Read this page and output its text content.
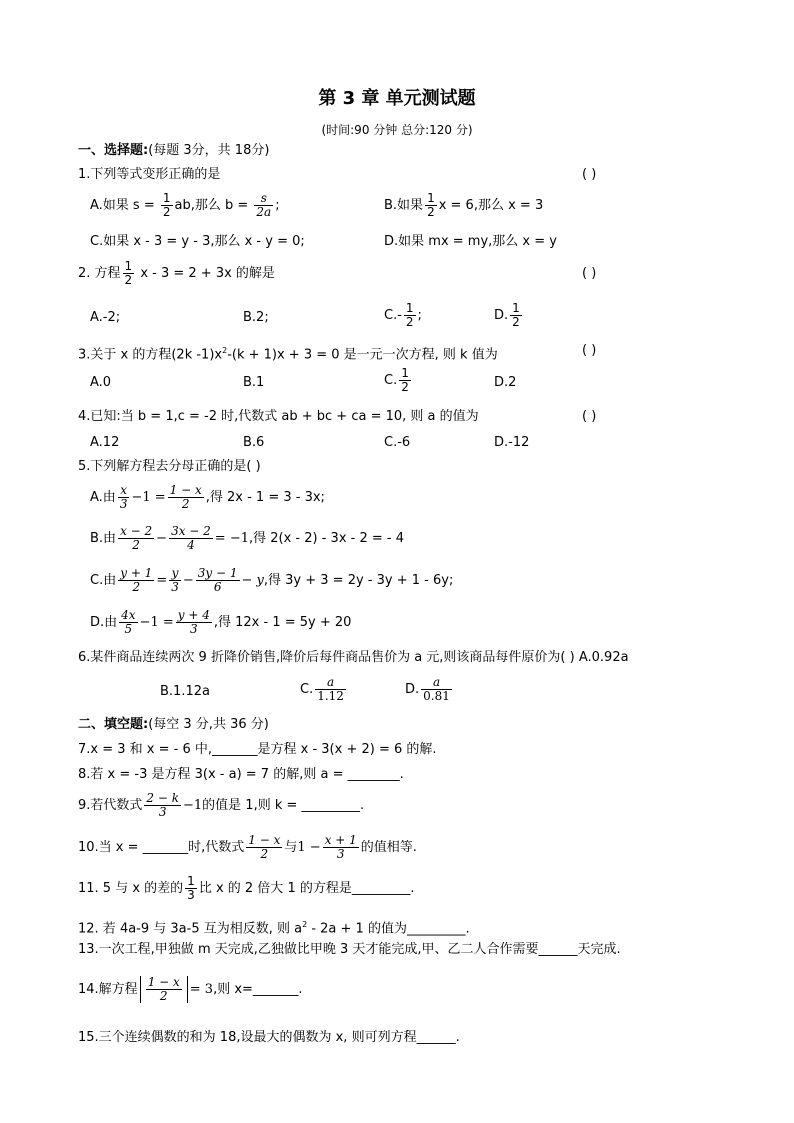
第 3 章 单元测试题
(时间:90 分钟 总分:120 分)
一、选择题:(每题 3分，共 18分)
1.下列等式变形正确的是	( )
A.如果 $s = \frac{1}{2}$ ab,那么 $b = \frac{s}{2a}$ ;	B.如果 $\frac{1}{2}$ x = 6,那么 x = 3
C.如果 x - 3 = y - 3,那么 x - y = 0;	D.如果 mx = my,那么 x = y
2. 方程 $\frac{1}{2}$ x - 3 = 2 + 3x 的解是	( )
A.-2;	B.2;	$C.- \frac{1}{2}$ ;	D. $\frac{1}{2}$
3.关于 x 的方程(2k $-1)x^2-(k + 1)x + 3 = 0$ 是一元一次方程, 则 k 值为	( )
A.0	B.1	C. $\frac{1}{2}$	D.2
4.已知:当 b = 1,c = -2 时,代数式 ab + bc + ca = 10, 则 a 的值为	( )
A.12	B.6	C.-6	D.-12
5.下列解方程去分母正确的是( )
A.由 $\frac{x}{3} -1 = \frac{1 - x}{2}$ ,得 2x - 1 = 3 - 3x;
B.由 $\frac{x - 2}{2} - \frac{3x - 2}{4} = -1$,得 2(x - 2) - 3x - 2 = - 4
C.由 $\frac{y + 1}{2} = \frac{y}{3} - \frac{3y - 1}{6} - y$,得 3y + 3 = 2y - 3y + 1 - 6y;
D.由 $\frac{4x}{5} -1 = \frac{y + 4}{3}$ ,得 12x - 1 = 5y + 20
6.某件商品连续两次 9 折降价销售,降价后每件商品售价为 a 元,则该商品每件原价为( ) A.0.92a
B.1.12a	C. $\frac{a}{1.12}$	D. $\frac{a}{0.81}$
二、填空题:(每空 3 分,共 36 分)
7.x = 3 和 x = - 6 中,_______是方程 x - 3(x + 2) = 6 的解.
8.若 x = -3 是方程 3(x - a) = 7 的解,则 a = ________.
9.若代数式 $\frac{2 - k}{3} -1$的值是 1,则 k = _________.
10.当 x = _______时,代数式 $\frac{1 - x}{2}$ 与$1 - \frac{x + 1}{3}$ 的值相等.
11. 5 与 x 的差的 $\frac{1}{3}$ 比 x 的 2 倍大 1 的方程是_________.
12. 若 4a-9 与 3a-5 互为相反数, 则 $a^2 - 2a + 1$ 的值为_________.
13.一次工程,甲独做 m 天完成,乙独做比甲晚 3 天才能完成,甲、乙二人合作需要______天完成.
14.解方程 $\frac{1 - x}{2} = 3$,则 x=_______.
15.三个连续偶数的和为 18,设最大的偶数为 x, 则可列方程______.
